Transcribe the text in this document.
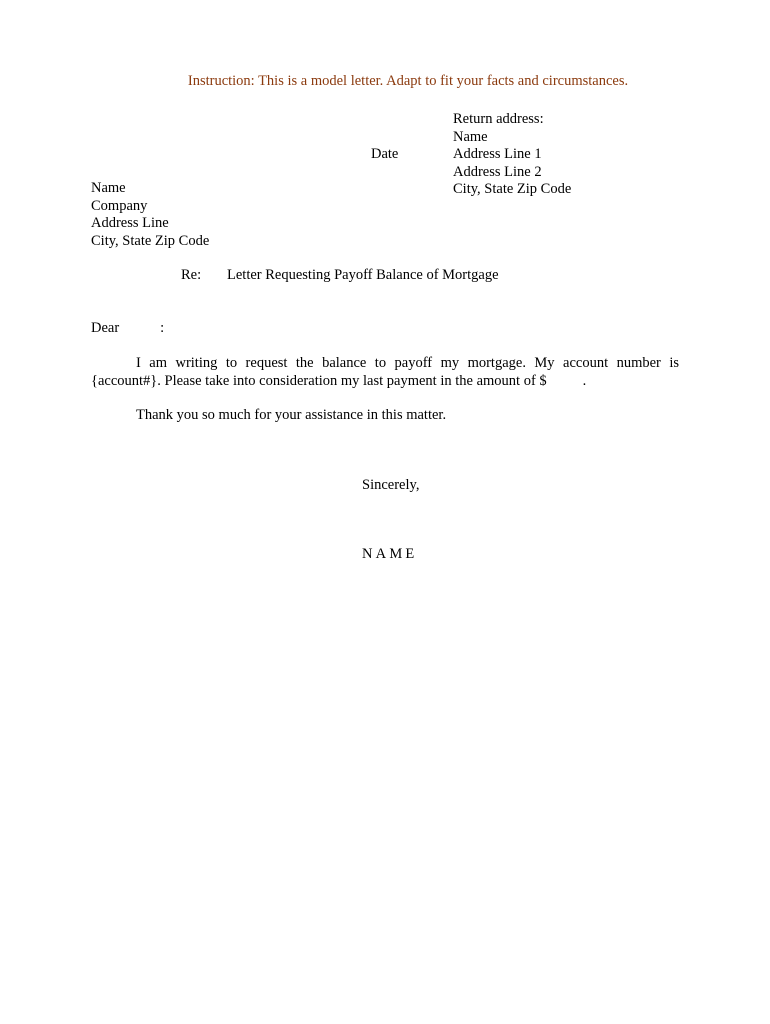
Instruction: This is a model letter. Adapt to fit your facts and circumstances.
Return address:
Name
Address Line 1
Address Line 2
City, State Zip Code
Date
Name
Company
Address Line
City, State Zip Code
Re: Letter Requesting Payoff Balance of Mortgage
Dear	:
I am writing to request the balance to payoff my mortgage. My account number is {account#}. Please take into consideration my last payment in the amount of $ .
Thank you so much for your assistance in this matter.
Sincerely,
NAME
